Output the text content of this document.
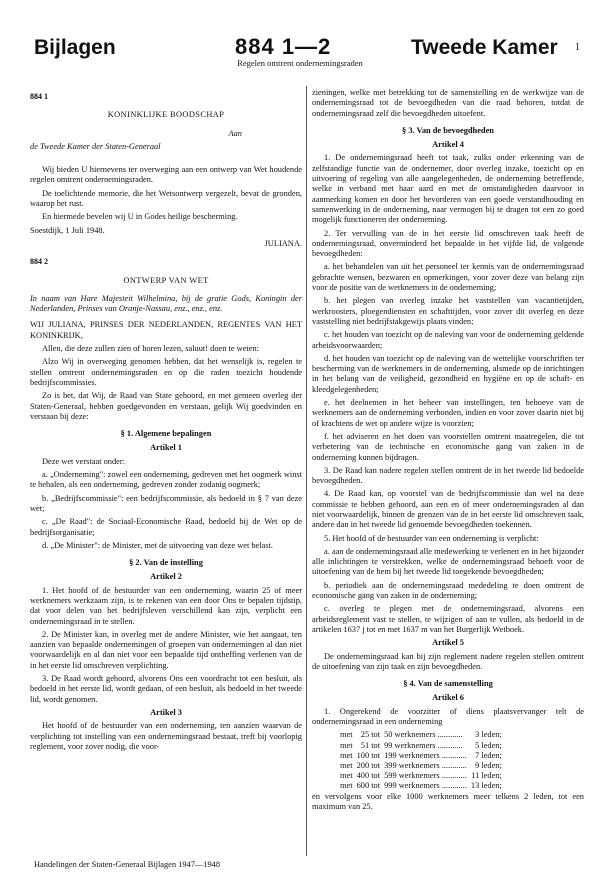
Bijlagen	884 1—2	Tweede Kamer 1
Regelen omtrent ondernemingsraden

884 1

KONINKLIJKE BOODSCHAP

Aan

de Tweede Kamer der Staten-Generaal

Wij bieden U hiernevens ter overweging aan een ontwerp van Wet houdende regelen omtrent ondernemingsraden.

De toelichtende memorie, die het Wetsontwerp vergezelt, bevat de gronden, waarop het rust.

En hiermede bevelen wij U in Godes heilige bescherming.

Soestdijk, 1 Juli 1948.

JULIANA.

884 2

ONTWERP VAN WET

In naam van Hare Majesteit Wilhelmina, bij de gratie Gods, Koningin der Nederlanden, Prinses van Oranje-Nassau, enz., enz., enz.

WIJ JULIANA, PRINSES DER NEDERLANDEN, REGENTES VAN HET KONINKRIJK,

Allen, die deze zullen zien of horen lezen, saluut! doen te weten:

Alzo Wij in overweging genomen hebben, dat het wenselijk is, regelen te stellen omtrent ondernemingsraden en op die raden toezicht houdende bedrijfscommissies.

Zo is het, dat Wij, de Raad van State gehoord, en met gemeen overleg der Staten-Generaal, hebben goedgevonden en verstaan, gelijk Wij goedvinden en verstaan bij deze:

§ 1. Algemene bepalingen

Artikel 1

Deze wet verstaat onder:

a. „Onderneming": zowel een onderneming, gedreven met het oogmerk winst te behalen, als een onderneming, gedreven zonder zodanig oogmerk;

b. „Bedrijfscommissie": een bedrijfscommissie, als bedoeld in § 7 van deze wet;

c. „De Raad": de Sociaal-Economische Raad, bedoeld bij de Wet op de bedrijfsorganisatie;

d. „De Minister": de Minister, met de uitvoering van deze wet belast.

§ 2. Van de instelling

Artikel 2

1. Het hoofd of de bestuurder van een onderneming, waarin 25 of meer werknemers werkzaam zijn, is te rekenen van een door Ons te bepalen tijdstip, dat voor delen van het bedrijfsleven verschillend kan zijn, verplicht een ondernemingsraad in te stellen.

2. De Minister kan, in overleg met de andere Minister, wie het aangaat, ten aanzien van bepaalde ondernemingen of groepen van ondernemingen al dan niet voorwaardelijk en al dan niet voor een bepaalde tijd ontheffing verlenen van de in het eerste lid omschreven verplichting.

3. De Raad wordt gehoord, alvorens Ons een voordracht tot een besluit, als bedoeld in het eerste lid, wordt gedaan, of een besluit, als bedoeld in het tweede lid, wordt genomen.

Artikel 3

Het hoofd of de bestuurder van een onderneming, ten aanzien waarvan de verplichting tot instelling van een ondernemingsraad bestaat, treft bij voorlopig reglement, voor zover nodig, die voor-

zieningen, welke met betrekking tot de samenstelling en de werkwijze van de ondernemingsraad tot de bevoegdheden van die raad behoren, totdat de ondernemingsraad zelf die bevoegdheden uitoefent.

§ 3. Van de bevoegdheden

Artikel 4

1. De ondernemingsraad heeft tot taak, zulks onder erkenning van de zelfstandige functie van de ondernemer, door overleg inzake, toezicht op en uitvoering of regeling van alle aangelegenheden, de onderneming betreffende, welke in verband met haar aard en met de omstandigheden daarvoor in aanmerking komen en door het bevorderen van een goede verstandhouding en samenwerking in de onderneming, naar vermogen bij te dragen tot een zo goed mogelijk functioneren der onderneming.

2. Ter vervulling van de in het eerste lid omschreven taak heeft de ondernemingsraad, onverminderd het bepaalde in het vijfde lid, de volgende bevoegdheden:

a. het behandelen van uit het personeel ter kennis van de ondernemingsraad gebrachte wensen, bezwaren en opmerkingen, voor zover deze van belang zijn voor de positie van de werknemers in de onderneming;

b. het plegen van overleg inzake het vaststellen van vacantietijden, werkroosters, ploegendiensten en schafttijden, voor zover dit overleg en deze vaststelling niet bedrijfstakgewijs plaats vinden;

c. het houden van toezicht op de naleving van voor de onderneming geldende arbeidsvoorwaarden;

d. het houden van toezicht op de naleving van de wettelijke voorschriften ter bescherming van de werknemers in de onderneming, alsmede op de inrichtingen in het belang van de veiligheid, gezondheid en hygiëne en op de schaft- en kleedgelegenheden;

e. het deelnemen in het beheer van instellingen, ten behoeve van de werknemers aan de onderneming verbonden, indien en voor zover daarin niet bij of krachtens de wet op andere wijze is voorzien;

f. het adviseren en het doen van voorstellen omtrent maatregelen, die tot verbetering van de technische en economische gang van zaken in de onderneming kunnen bijdragen.

3. De Raad kan nadere regelen stellen omtrent de in het tweede lid bedoelde bevoegdheden.

4. De Raad kan, op voorstel van de bedrijfscommissie dan wel na deze commissie te hebben gehoord, aan een en of meer ondernemingsraden al dan niet voorwaardelijk, binnen de grenzen van de in het eerste lid omschreven taak, andere dan in het tweede lid genoemde bevoegdheden toekennen.

5. Het hoofd of de bestuurder van een onderneming is verplicht:

a. aan de ondernemingsraad alle medewerking te verlenen en in het bijzonder alle inlichtingen te verstrekken, welke de ondernemingsraad behoeft voor de uitoefening van de hem bij het tweede lid toegekende bevoegdheden;

b. periodiek aan de ondernemingsraad mededeling te doen omtrent de economische gang van zaken in de onderneming;

c. overleg te plegen met de ondernemingsraad, alvorens een arbeidsreglement vast te stellen, te wijzigen of aan te vullen, als bedoeld in de artikelen 1637 j tot en met 1637 m van het Burgerlijk Wetboek.

Artikel 5

De ondernemingsraad kan bij zijn reglement nadere regelen stellen omtrent de uitoefening van zijn taak en zijn bevoegdheden.

§ 4. Van de samenstelling

Artikel 6

1. Ongerekend de voorzitter of diens plaatsvervanger telt de ondernemingsraad in een onderneming

met	25 tot	50 werknemers ............	3 leden;
met	51 tot	99 werknemers ............	5 leden;
met	100 tot	199 werknemers ............	7 leden;
met	200 tot	399 werknemers ............	9 leden;
met	400 tot	599 werknemers ............	11 leden;
met	600 tot	999 werknemers ............	13 leden;

en vervolgens voor elke 1000 werknemers meer telkens 2 leden, tot een maximum van 25.

Handelingen der Staten-Generaal Bijlagen 1947—1948
